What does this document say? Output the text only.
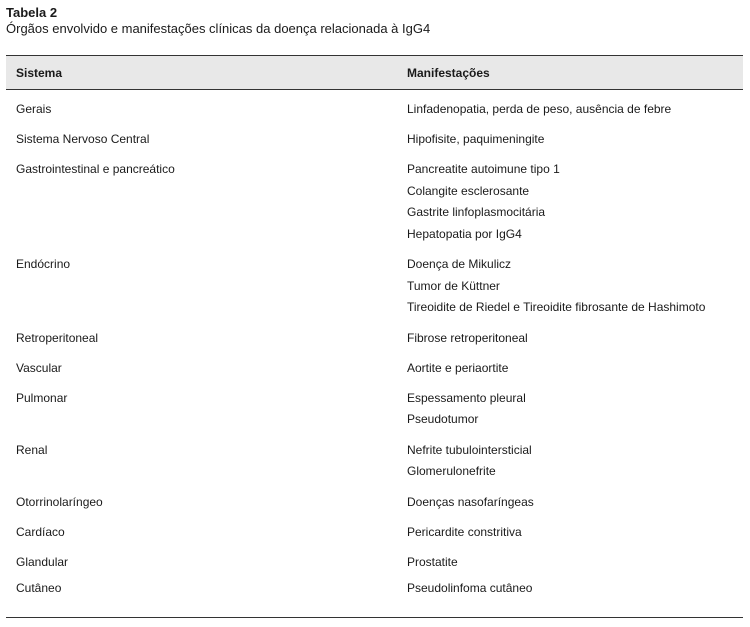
Tabela 2
Órgãos envolvido e manifestações clínicas da doença relacionada à IgG4
Sistema	Manifestações
Gerais	Linfadenopatia, perda de peso, ausência de febre
Sistema Nervoso Central	Hipofisite, paquimeningite
Gastrointestinal e pancreático	Pancreatite autoimune tipo 1
Colangite esclerosante
Gastrite linfoplasmocitária
Hepatopatia por IgG4
Endócrino	Doença de Mikulicz
Tumor de Küttner
Tireoidite de Riedel e Tireoidite fibrosante de Hashimoto
Retroperitoneal	Fibrose retroperitoneal
Vascular	Aortite e periaortite
Pulmonar	Espessamento pleural
Pseudotumor
Renal	Nefrite tubulointersticial
Glomerulonefrite
Otorrinolaríngeo	Doenças nasofaríngeas
Cardíaco	Pericardite constritiva
Glandular	Prostatite
Cutâneo	Pseudolinfoma cutâneo
